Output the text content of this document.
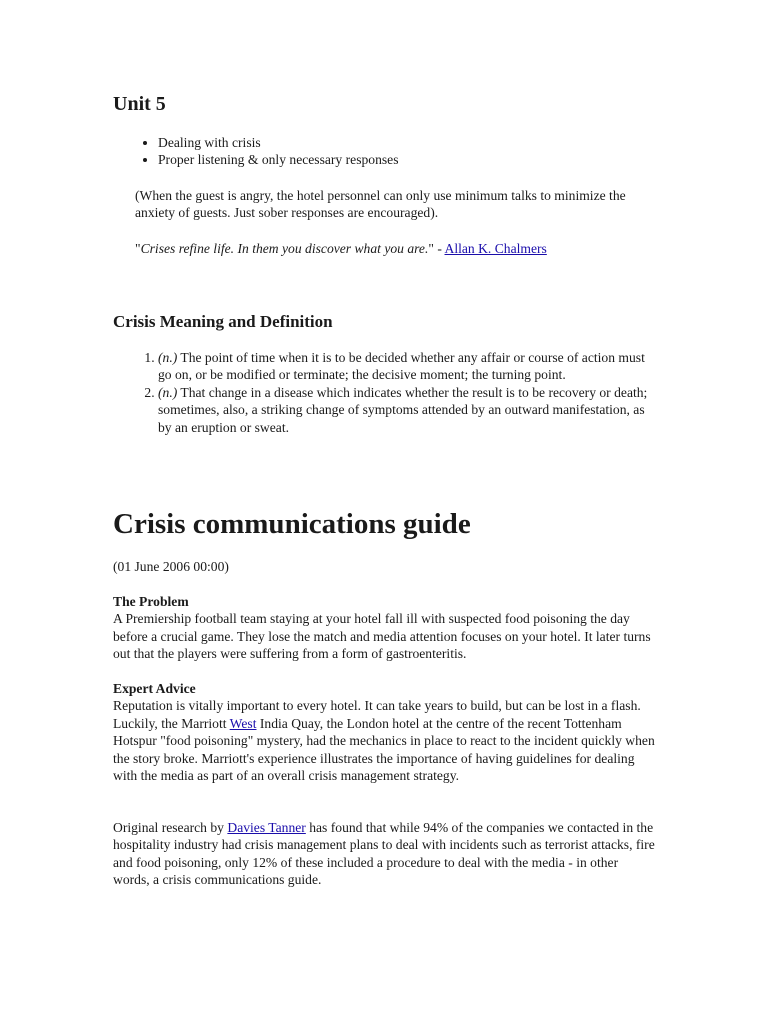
Unit 5
• Dealing with crisis
• Proper listening & only necessary responses

(When the guest is angry, the hotel personnel can only use minimum talks to minimize the anxiety of guests. Just sober responses are encouraged).

"Crises refine life. In them you discover what you are." - Allan K. Chalmers

Crisis Meaning and Definition
1. (n.) The point of time when it is to be decided whether any affair or course of action must go on, or be modified or terminate; the decisive moment; the turning point.
2. (n.) That change in a disease which indicates whether the result is to be recovery or death; sometimes, also, a striking change of symptoms attended by an outward manifestation, as by an eruption or sweat.
Crisis communications guide

(01 June 2006 00:00)

The Problem
A Premiership football team staying at your hotel fall ill with suspected food poisoning the day before a crucial game. They lose the match and media attention focuses on your hotel. It later turns out that the players were suffering from a form of gastroenteritis.

Expert Advice
Reputation is vitally important to every hotel. It can take years to build, but can be lost in a flash. Luckily, the Marriott West India Quay, the London hotel at the centre of the recent Tottenham Hotspur "food poisoning" mystery, had the mechanics in place to react to the incident quickly when the story broke. Marriott's experience illustrates the importance of having guidelines for dealing with the media as part of an overall crisis management strategy.

Original research by Davies Tanner has found that while 94% of the companies we contacted in the hospitality industry had crisis management plans to deal with incidents such as terrorist attacks, fire and food poisoning, only 12% of these included a procedure to deal with the media - in other words, a crisis communications guide.
